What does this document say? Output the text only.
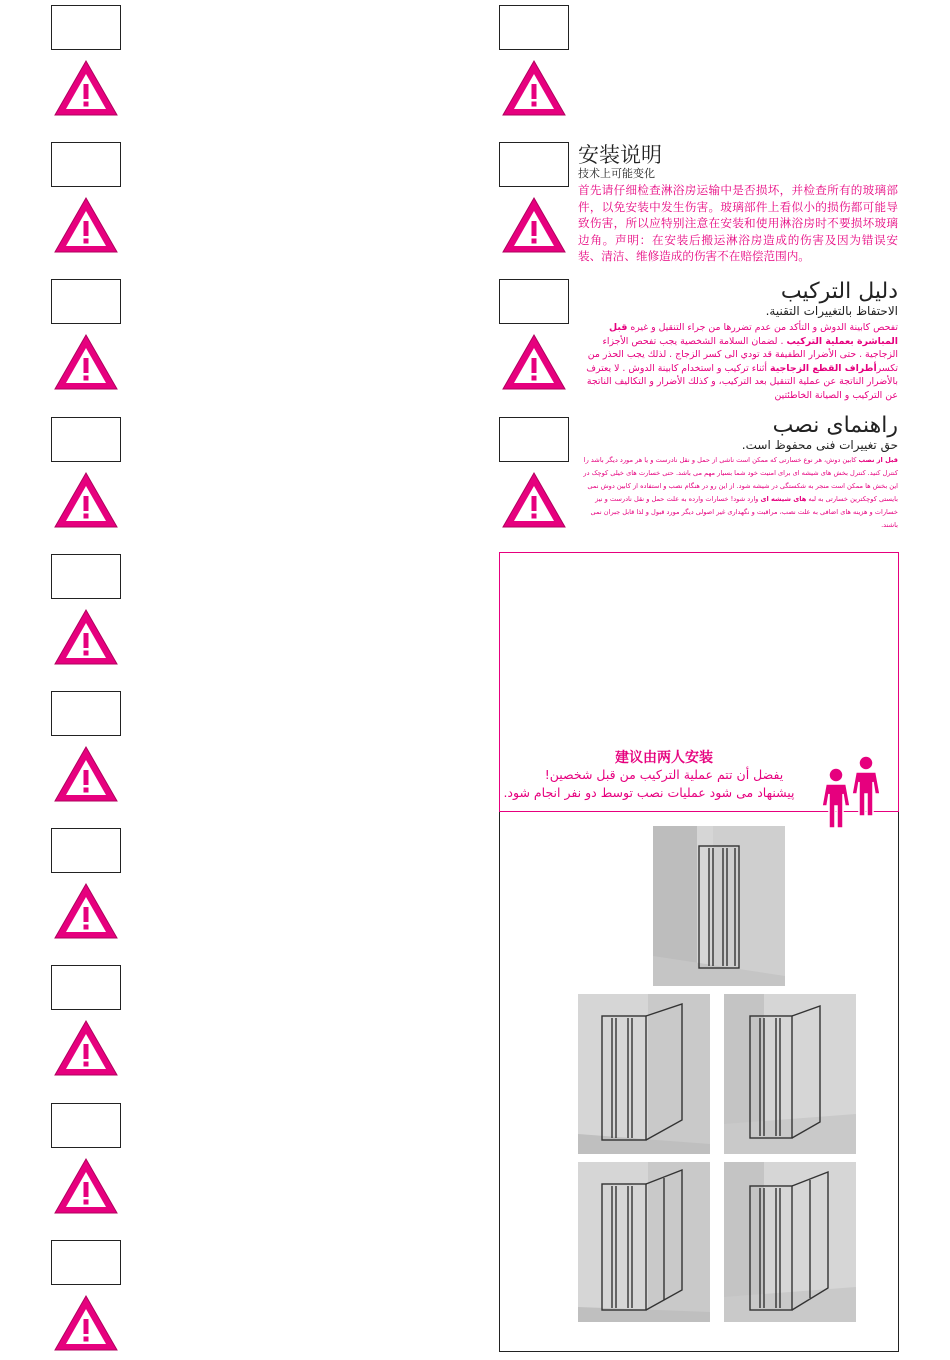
安装说明
技术上可能变化
首先请仔细检查淋浴房运输中是否损坏，并检查所有的玻璃部件，以免安装中发生伤害。玻璃部件上看似小的损伤都可能导致伤害，所以应特别注意在安装和使用淋浴房时不要损坏玻璃边角。声明：在安装后搬运淋浴房造成的伤害及因为错误安装、清洁、维修造成的伤害不在赔偿范围内。
دليل التركيب
الاحتفاظ بالتغييرات التقنية.
تفحص كابينة الدوش و التأكد من عدم تضررها من جراء التنقيل و غيره قبل المباشرة بعملية التركيب . لضمان السلامة الشخصية يجب تفحص الأجزاء الزجاجية . حتى الأضرار الطفيفة قد تودي الى كسر الزجاج . لذلك يجب الحذر من تكسرأطراف القطع الزجاجية أثناء تركيب و استخدام كابينة الدوش . لا يعترف بالأضرار الناتجة عن عملية التنقيل بعد التركيب، و كذلك الأضرار و التكاليف الناتجة عن التركيب و الصيانة الخاطئتين
راهنمای نصب
حق تغییرات فنی محفوظ است.
قبل از نصب کابین دوش، هر نوع خسارتی که ممکن است ناشی از حمل و نقل نادرست و یا هر مورد دیگر باشد را کنترل کنید. کنترل بخش های شیشه ای برای امنیت خود شما بسیار مهم می باشد. حتی خسارت های خیلی کوچک در این بخش ها ممکن است منجر به شکستگی در شیشه شود. از این رو در هنگام نصب و استفاده از کابین دوش نمی بایستی کوچکترین خسارتی به لبه های شیشه ای وارد شود! خسارات وارده به علت حمل و نقل نادرست و نیز خسارات و هزینه های اضافی به علت نصب، مراقبت و نگهداری غیر اصولی دیگر مورد قبول و لذا قابل جبران نمی باشند.
建议由两人安装
يفضل أن تتم عملية التركيب من قبل شخصين!
پیشنهاد می شود عملیات نصب توسط دو نفر انجام شود.
